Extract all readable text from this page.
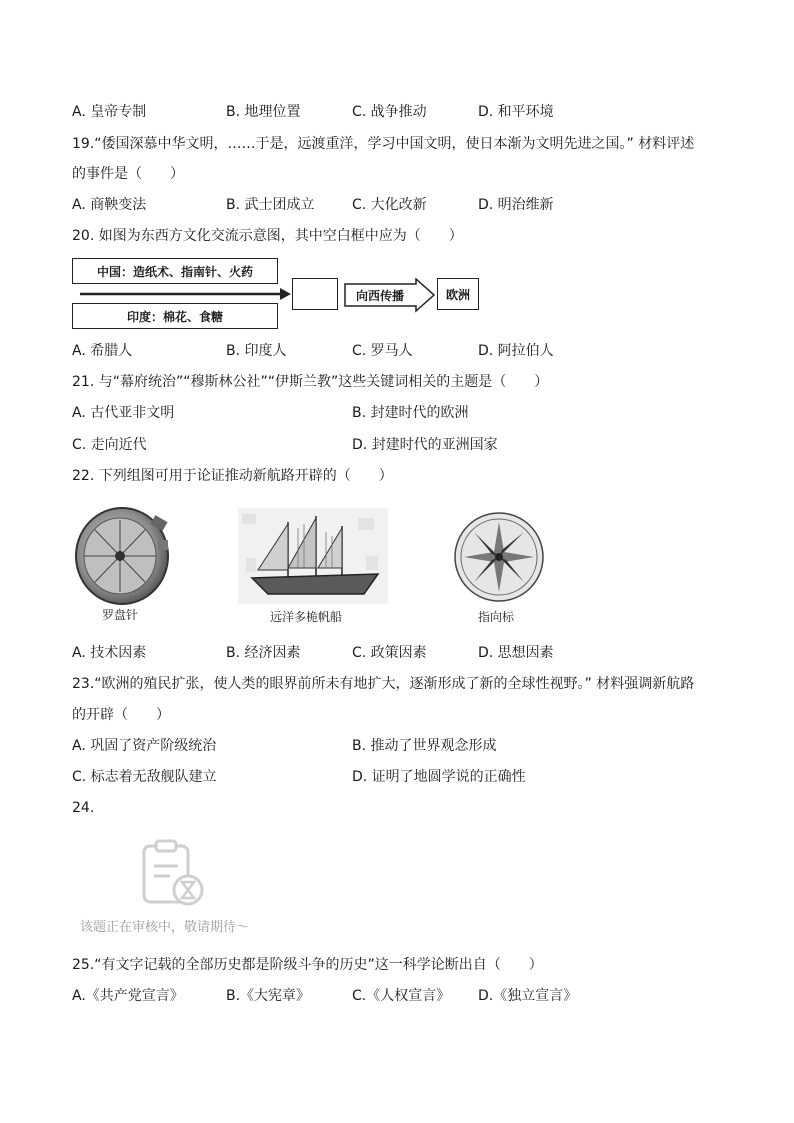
A. 皇帝专制	B. 地理位置	C. 战争推动	D. 和平环境
19.“倭国深慕中华文明，……于是，远渡重洋，学习中国文明，使日本渐为文明先进之国。” 材料评述
的事件是（　　）
A. 商鞅变法	B. 武士团成立	C. 大化改新	D. 明治维新
20. 如图为东西方文化交流示意图，其中空白框中应为（　　）
中国：造纸术、指南针、火药
印度：棉花、食糖
向西传播	欧洲
A. 希腊人	B. 印度人	C. 罗马人	D. 阿拉伯人
21. 与“幕府统治”“穆斯林公社”“伊斯兰教”这些关键词相关的主题是（　　）
A. 古代亚非文明	B. 封建时代的欧洲
C. 走向近代	D. 封建时代的亚洲国家
22. 下列组图可用于论证推动新航路开辟的（　　）
罗盘针	远洋多桅帆船	指向标
A. 技术因素	B. 经济因素	C. 政策因素	D. 思想因素
23.“欧洲的殖民扩张，使人类的眼界前所未有地扩大，逐渐形成了新的全球性视野。” 材料强调新航路
的开辟（　　）
A. 巩固了资产阶级统治	B. 推动了世界观念形成
C. 标志着无敌舰队建立	D. 证明了地圆学说的正确性
24.
该题正在审核中，敬请期待～
25.“有文字记载的全部历史都是阶级斗争的历史”这一科学论断出自（　　）
A.《共产党宣言》	B.《大宪章》	C.《人权宣言》 D.《独立宣言》
